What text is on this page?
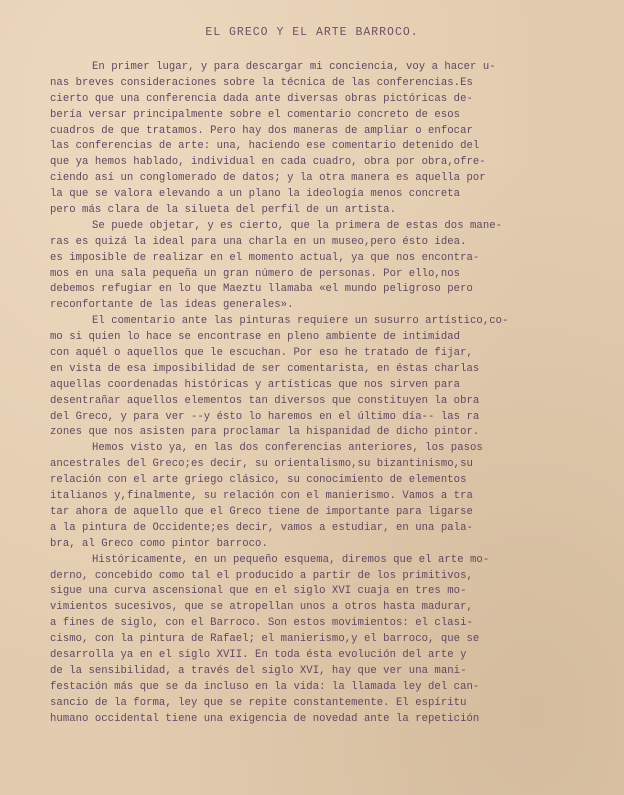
EL GRECO Y EL ARTE BARROCO.
En primer lugar, y para descargar mi conciencia, voy a hacer u-
nas breves consideraciones sobre la técnica de las conferencias.Es
cierto que una conferencia dada ante diversas obras pictóricas de-
bería versar principalmente sobre el comentario concreto de esos
cuadros de que tratamos. Pero hay dos maneras de ampliar o enfocar
las conferencias de arte: una, haciendo ese comentario detenido del
que ya hemos hablado, individual en cada cuadro, obra por obra,ofre-
ciendo así un conglomerado de datos; y la otra manera es aquella por
la que se valora elevando a un plano la ideología menos concreta
pero más clara de la silueta del perfil de un artista.
Se puede objetar, y es cierto, que la primera de estas dos mane-
ras es quizá la ideal para una charla en un museo,pero ésto idea.
es imposible de realizar en el momento actual, ya que nos encontra-
mos en una sala pequeña un gran número de personas. Por ello,nos
debemos refugiar en lo que Maeztu llamaba «el mundo peligroso pero
reconfortante de las ideas generales».
El comentario ante las pinturas requiere un susurro artístico,co-
mo si quien lo hace se encontrase en pleno ambiente de intimidad
con aquél o aquellos que le escuchan. Por eso he tratado de fijar,
en vista de esa imposibilidad de ser comentarista, en éstas charlas
aquellas coordenadas históricas y artísticas que nos sirven para
desentrañar aquellos elementos tan diversos que constituyen la obra
del Greco, y para ver --y ésto lo haremos en el último día-- las ra
zones que nos asisten para proclamar la hispanidad de dicho pintor.
Hemos visto ya, en las dos conferencias anteriores, los pasos
ancestrales del Greco;es decir, su orientalismo,su bizantinismo,su
relación con el arte griego clásico, su conocimiento de elementos
italianos y,finalmente, su relación con el manierismo. Vamos a tra
tar ahora de aquello que el Greco tiene de importante para ligarse
a la pintura de Occidente;es decir, vamos a estudiar, en una pala-
bra, al Greco como pintor barroco.
Históricamente, en un pequeño esquema, diremos que el arte mo-
derno, concebido como tal el producido a partir de los primitivos,
sigue una curva ascensional que en el siglo XVI cuaja en tres mo-
vimientos sucesivos, que se atropellan unos a otros hasta madurar,
a fines de siglo, con el Barroco. Son estos movimientos: el clasi-
cismo, con la pintura de Rafael; el manierismo,y el barroco, que se
desarrolla ya en el siglo XVII. En toda ésta evolución del arte y
de la sensibilidad, a través del siglo XVI, hay que ver una mani-
festación más que se da incluso en la vida: la llamada ley del can-
sancio de la forma, ley que se repite constantemente. El espíritu
humano occidental tiene una exigencia de novedad ante la repetición
